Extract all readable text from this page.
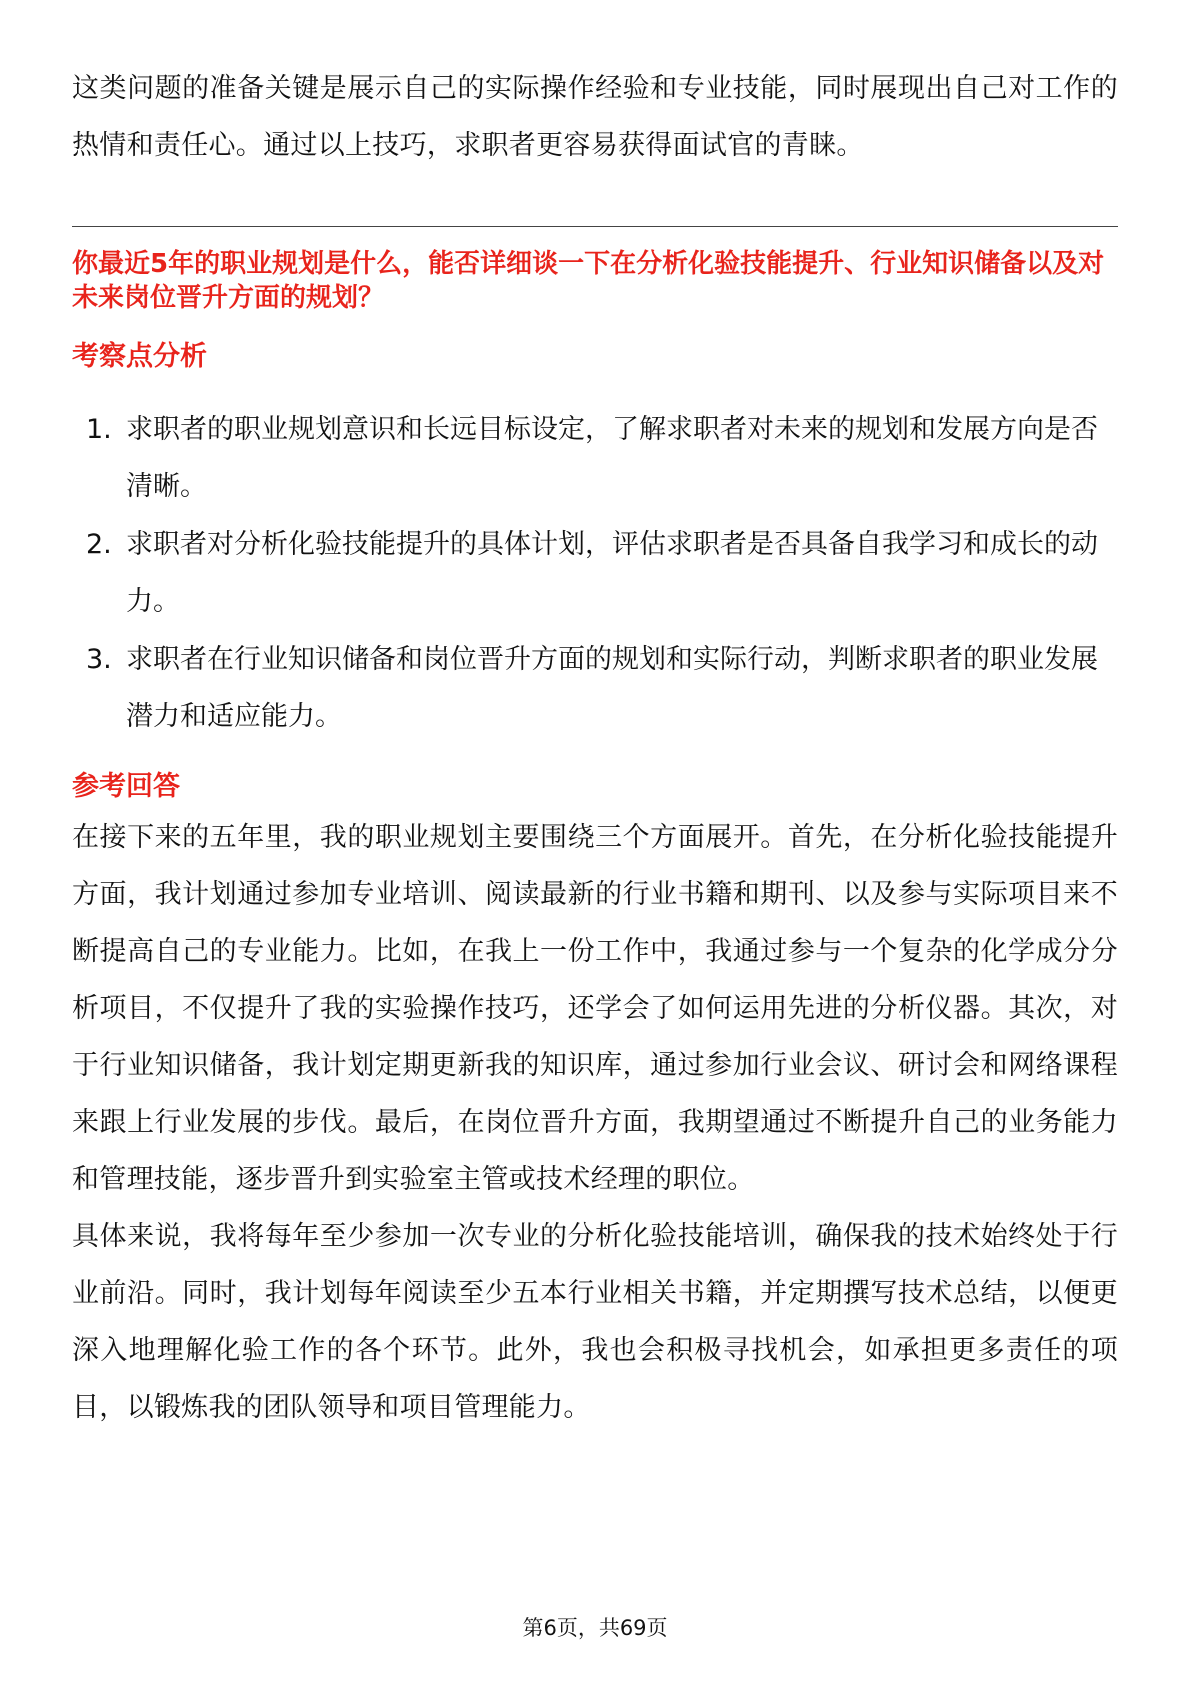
这类问题的准备关键是展示自己的实际操作经验和专业技能，同时展现出自己对工作的热情和责任心。通过以上技巧，求职者更容易获得面试官的青睐。

你最近5年的职业规划是什么，能否详细谈一下在分析化验技能提升、行业知识储备以及对未来岗位晋升方面的规划？
考察点分析
1. 求职者的职业规划意识和长远目标设定，了解求职者对未来的规划和发展方向是否清晰。
2. 求职者对分析化验技能提升的具体计划，评估求职者是否具备自我学习和成长的动力。
3. 求职者在行业知识储备和岗位晋升方面的规划和实际行动，判断求职者的职业发展潜力和适应能力。
参考回答

在接下来的五年里，我的职业规划主要围绕三个方面展开。首先，在分析化验技能提升方面，我计划通过参加专业培训、阅读最新的行业书籍和期刊、以及参与实际项目来不断提高自己的专业能力。比如，在我上一份工作中，我通过参与一个复杂的化学成分分析项目，不仅提升了我的实验操作技巧，还学会了如何运用先进的分析仪器。其次，对于行业知识储备，我计划定期更新我的知识库，通过参加行业会议、研讨会和网络课程来跟上行业发展的步伐。最后，在岗位晋升方面，我期望通过不断提升自己的业务能力和管理技能，逐步晋升到实验室主管或技术经理的职位。

具体来说，我将每年至少参加一次专业的分析化验技能培训，确保我的技术始终处于行业前沿。同时，我计划每年阅读至少五本行业相关书籍，并定期撰写技术总结，以便更深入地理解化验工作的各个环节。此外，我也会积极寻找机会，如承担更多责任的项目，以锻炼我的团队领导和项目管理能力。

第6页，共69页
